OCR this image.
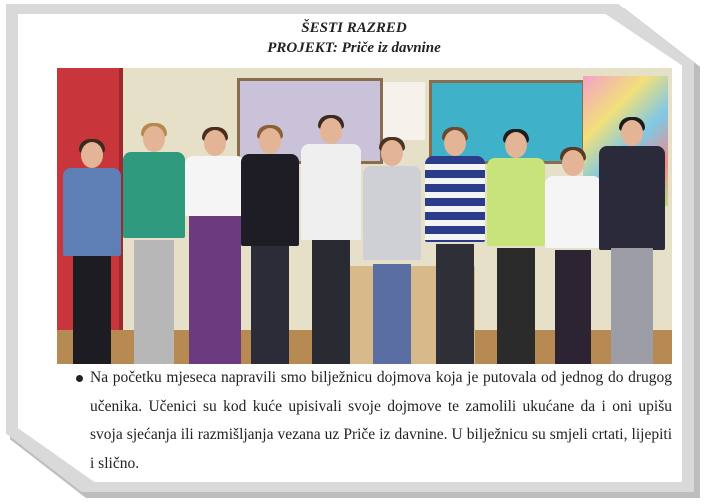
ŠESTI RAZRED
PROJEKT: Priče iz davnine
Na početku mjeseca napravili smo bilježnicu dojmova koja je putovala od jednog do drugog učenika. Učenici su kod kuće upisivali svoje dojmove te zamolili ukućane da i oni upišu svoja sjećanja ili razmišljanja vezana uz Priče iz davnine. U bilježnicu su smjeli crtati, lijepiti i slično.
